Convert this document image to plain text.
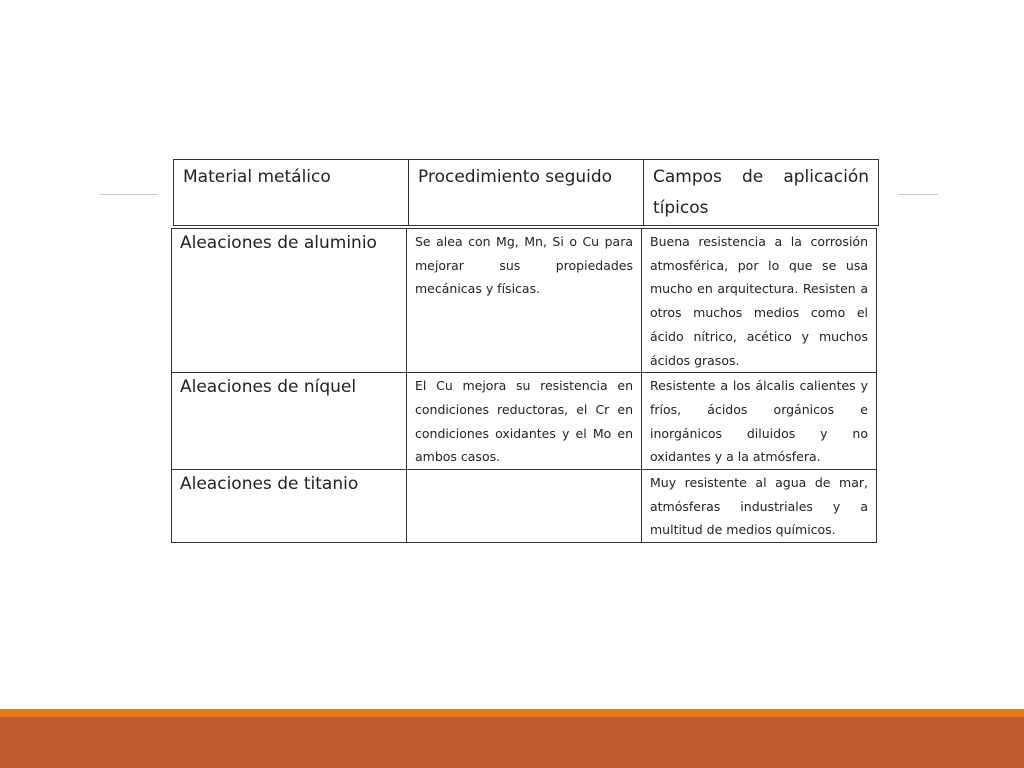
Material metálico	Procedimiento seguido	Campos de aplicación
típicos
Aleaciones de aluminio	Se alea con Mg, Mn, Si o Cu para mejorar sus propiedades mecánicas y físicas.	Buena resistencia a la corrosión atmosférica, por lo que se usa mucho en arquitectura. Resisten a otros muchos medios como el ácido nítrico, acético y muchos ácidos grasos.
Aleaciones de níquel	El Cu mejora su resistencia en condiciones reductoras, el Cr en condiciones oxidantes y el Mo en ambos casos.	Resistente a los álcalis calientes y fríos, ácidos orgánicos e inorgánicos diluidos y no oxidantes y a la atmósfera.
Aleaciones de titanio		Muy resistente al agua de mar, atmósferas industriales y a multitud de medios químicos.
